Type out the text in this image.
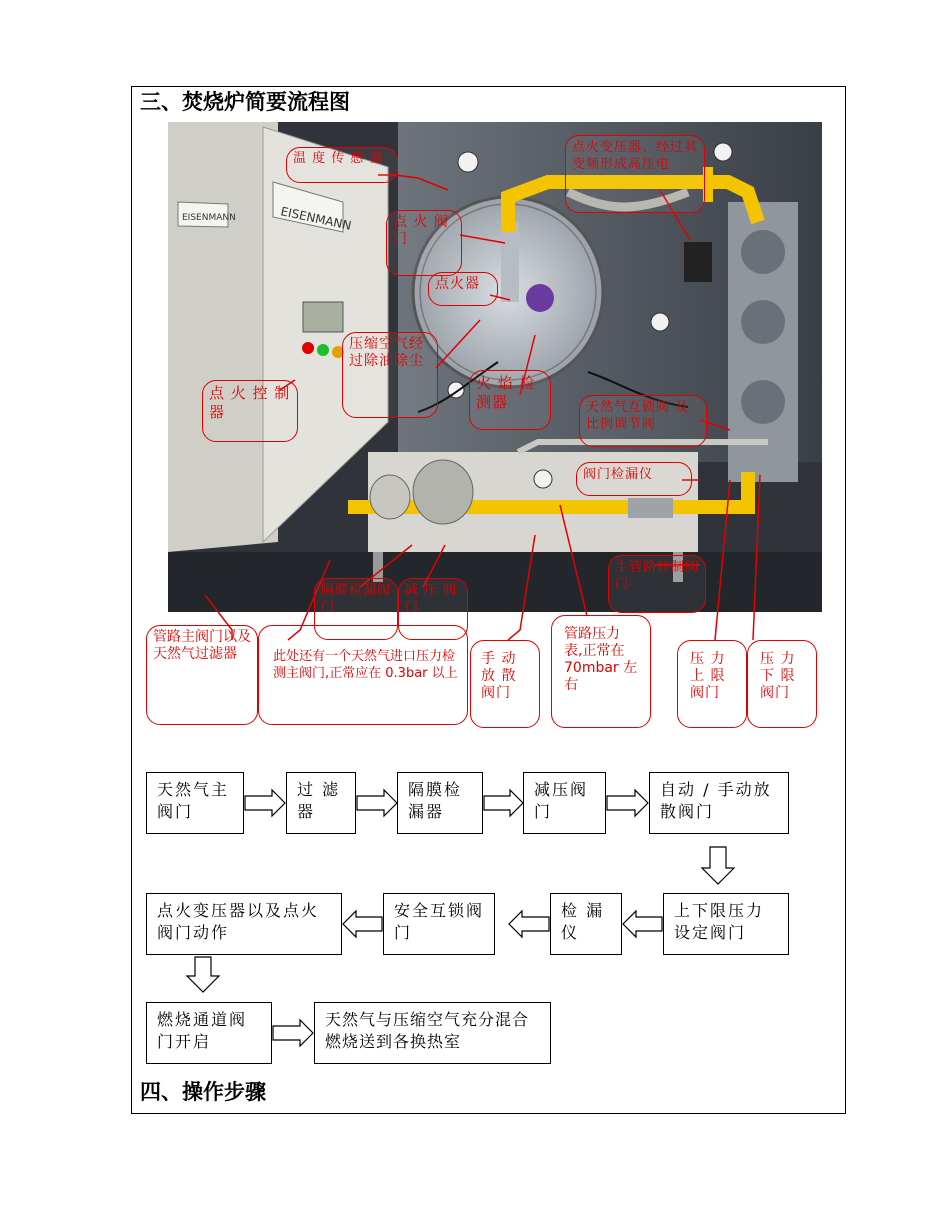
三、焚烧炉简要流程图
EISENMANN
EISENMANN
温 度 传 感 器
点 火 阀门
点火器
点火变压器、经过其变频形成高压电
压缩空气经过除油除尘
点 火 控 制器
火 焰 检 测器	天然气互锁阀 及比例调节阀
阀门检漏仪
主管路控制阀门
隔膜检漏阀门
减 压 阀门
管路主阀门以及天然气过滤器	此处还有一个天然气进口压力检测主阀门,正常应在 0.3bar 以上
手 动 放 散 阀门
管路压力表,正常在 70mbar 左右
压 力 上 限 阀门
压 力 下 限 阀门
天然气主阀门
过 滤 器
隔膜检漏器
减压阀门
自动 / 手动放散阀门
上下限压力设定阀门
检 漏 仪
安全互锁阀门
点火变压器以及点火阀门动作
燃烧通道阀门开启
天然气与压缩空气充分混合燃烧送到各换热室
四、操作步骤
